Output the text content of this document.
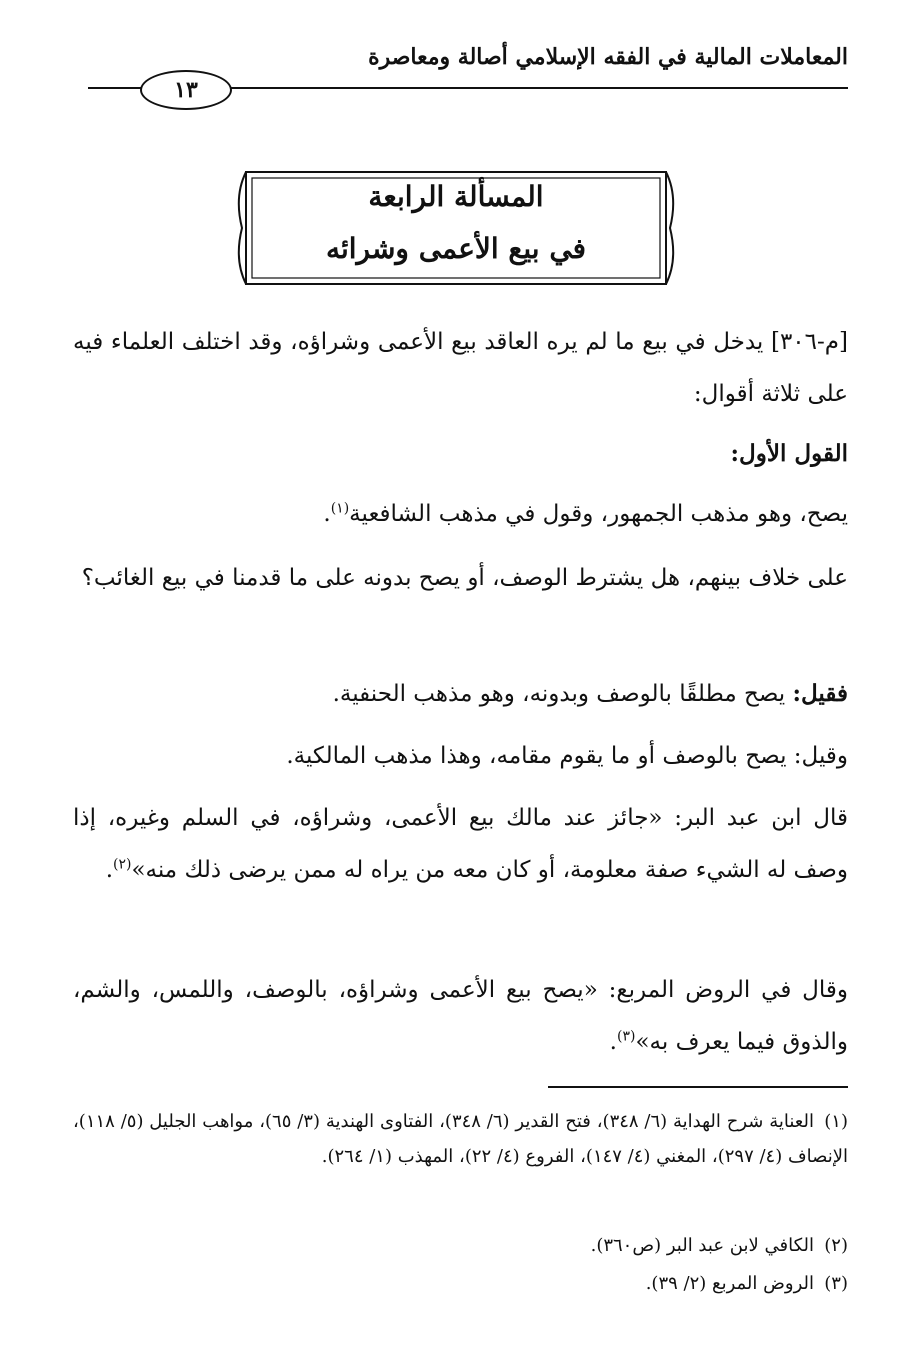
المعاملات المالية في الفقه الإسلامي أصالة ومعاصرة
١٣
المسألة الرابعة
في بيع الأعمى وشرائه
[م-٣٠٦] يدخل في بيع ما لم يره العاقد بيع الأعمى وشراؤه، وقد اختلف العلماء فيه على ثلاثة أقوال:
القول الأول:
يصح، وهو مذهب الجمهور، وقول في مذهب الشافعية$^{(١)}$.
على خلاف بينهم، هل يشترط الوصف، أو يصح بدونه على ما قدمنا في بيع الغائب؟
فقيل: يصح مطلقًا بالوصف وبدونه، وهو مذهب الحنفية.
وقيل: يصح بالوصف أو ما يقوم مقامه، وهذا مذهب المالكية.
قال ابن عبد البر: «جائز عند مالك بيع الأعمى، وشراؤه، في السلم وغيره، إذا وصف له الشيء صفة معلومة، أو كان معه من يراه له ممن يرضى ذلك منه»$^{(٢)}$.
وقال في الروض المربع: «يصح بيع الأعمى وشراؤه، بالوصف، واللمس، والشم، والذوق فيما يعرف به»$^{(٣)}$.
(١)العناية شرح الهداية (٦/ ٣٤٨)، فتح القدير (٦/ ٣٤٨)، الفتاوى الهندية (٣/ ٦٥)، مواهب الجليل (٥/ ١١٨)، الإنصاف (٤/ ٢٩٧)، المغني (٤/ ١٤٧)، الفروع (٤/ ٢٢)، المهذب (١/ ٢٦٤).
(٢)الكافي لابن عبد البر (ص٣٦٠).
(٣)الروض المربع (٢/ ٣٩).
